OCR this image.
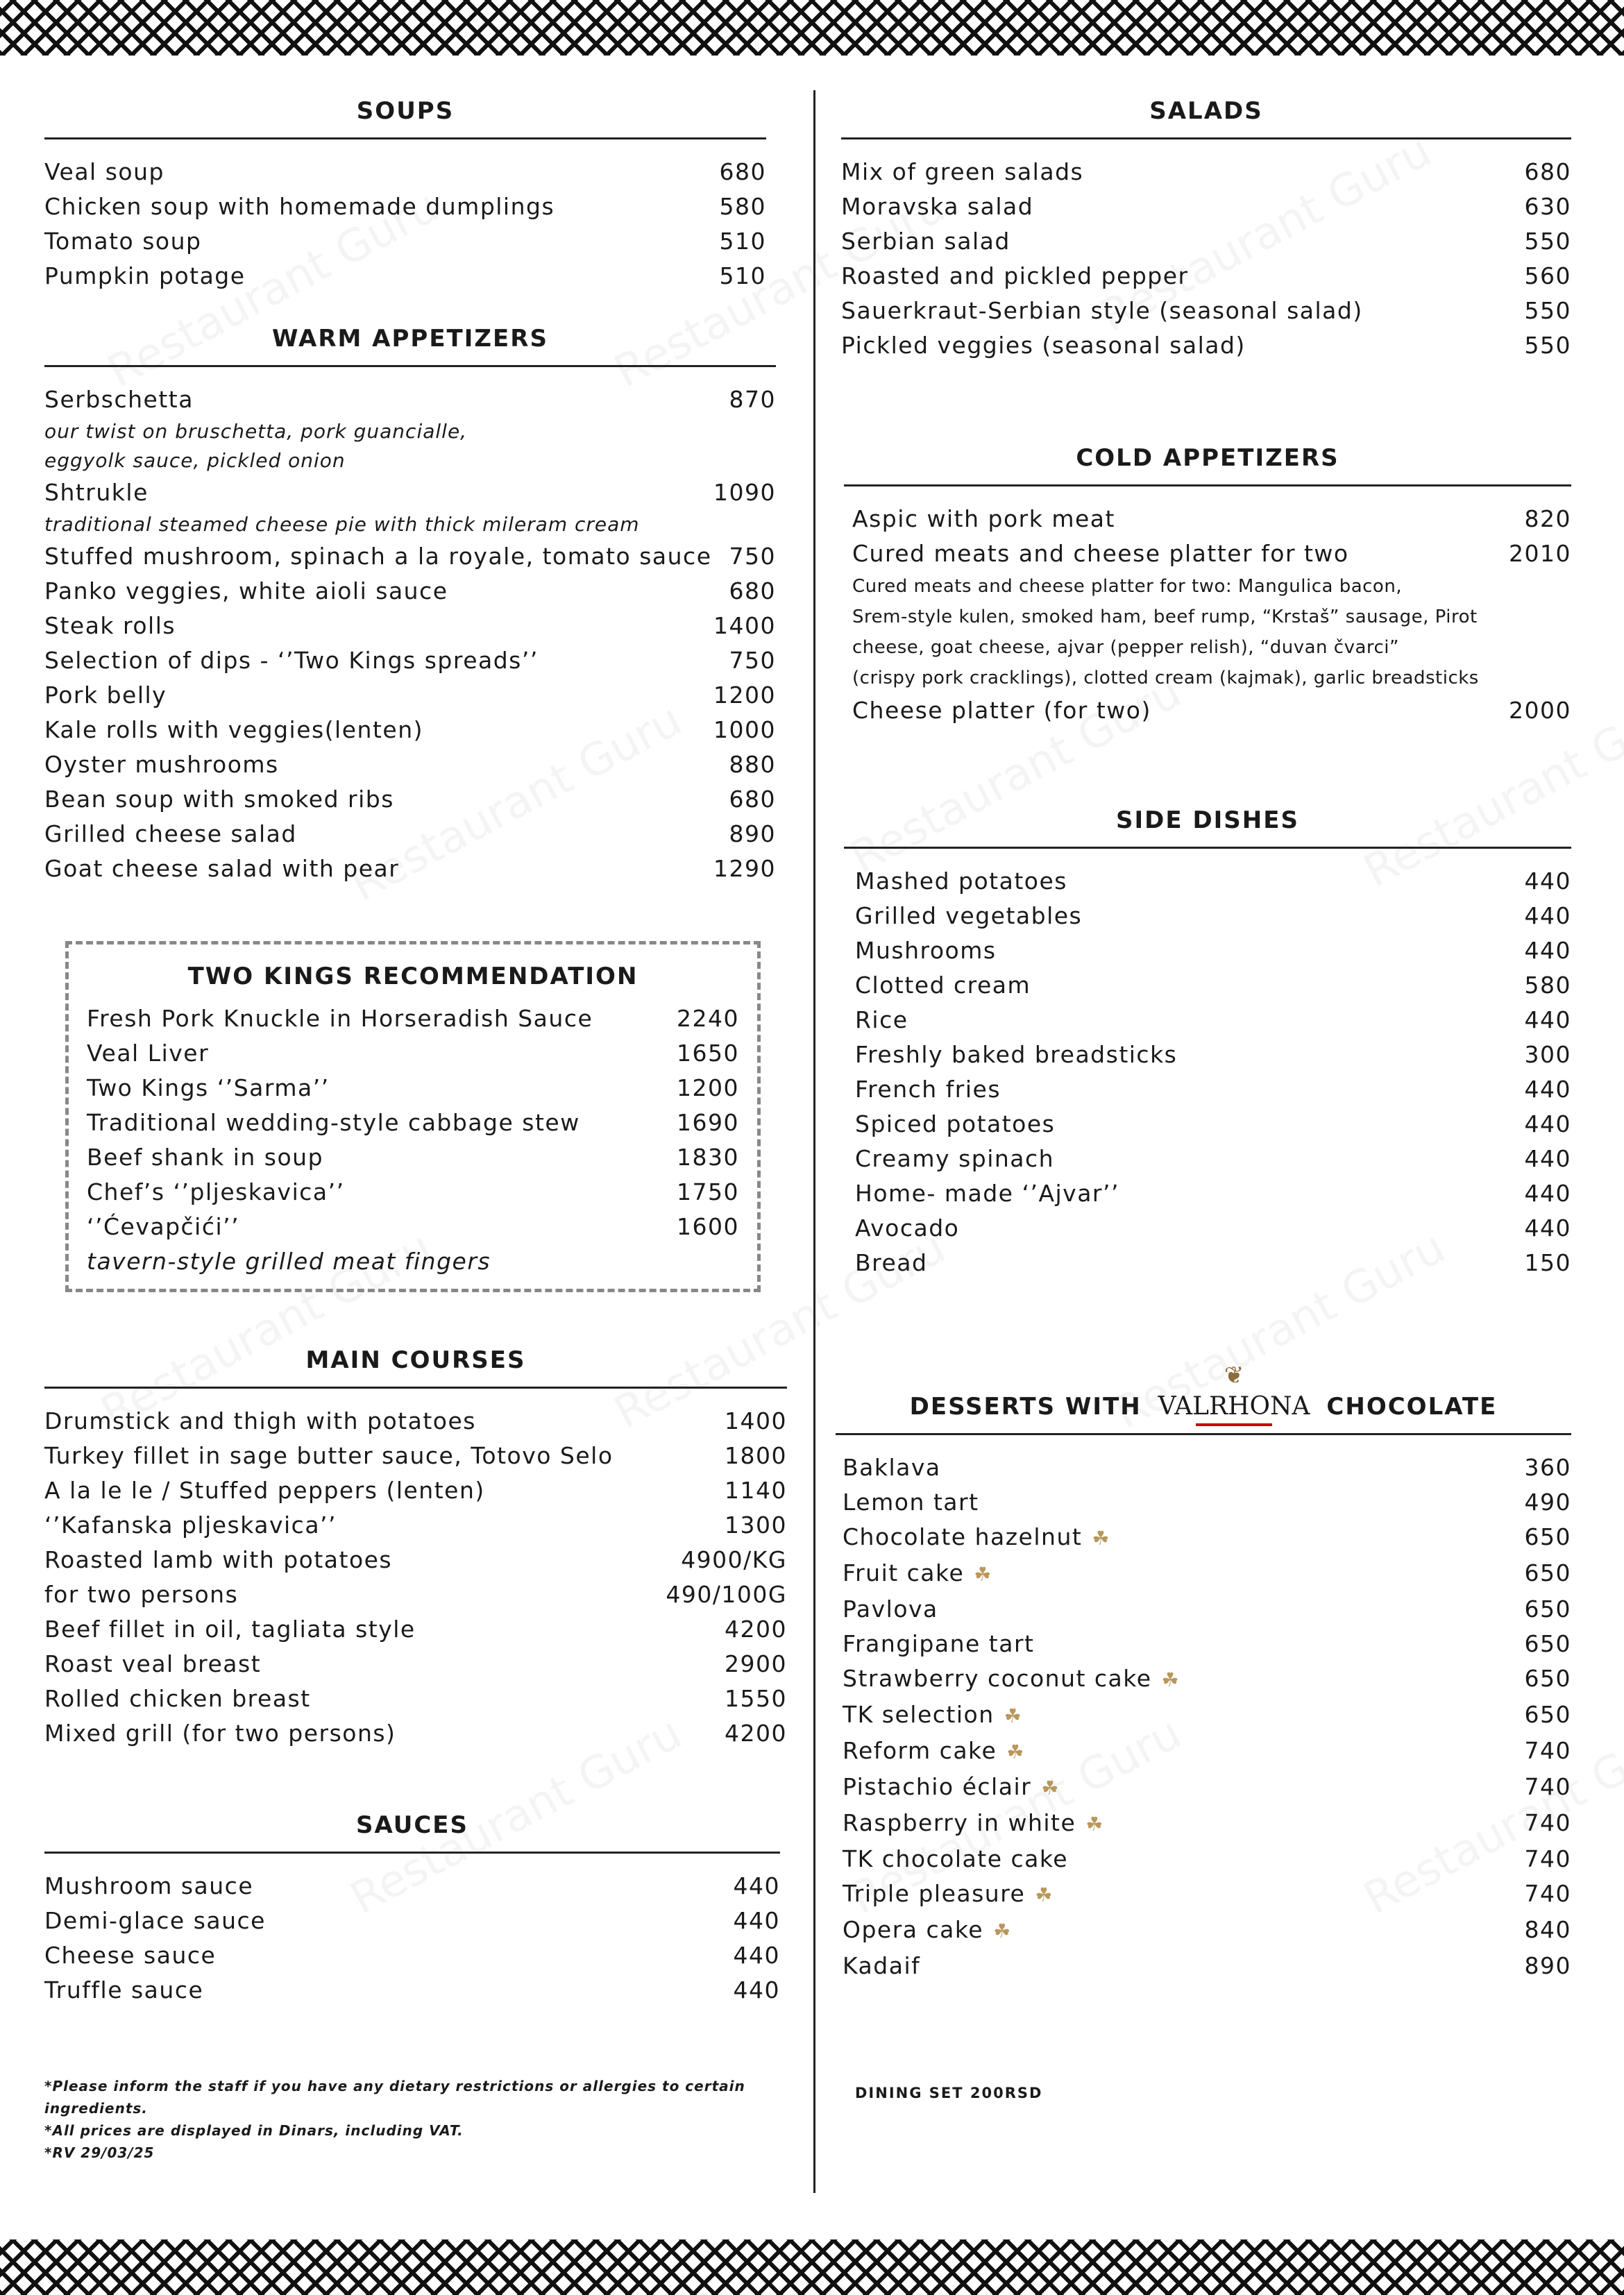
SOUPS
Veal soup	680
Chicken soup with homemade dumplings	580
Tomato soup	510
Pumpkin potage	510
WARM APPETIZERS
Serbschetta	870
our twist on bruschetta, pork guancialle,
eggyolk sauce, pickled onion
Shtrukle	1090
traditional steamed cheese pie with thick mileram cream
Stuffed mushroom, spinach a la royale, tomato sauce 750
Panko veggies, white aioli sauce	680
Steak rolls	1400
Selection of dips - ‘’Two Kings spreads’’	750
Pork belly	1200
Kale rolls with veggies(lenten)	1000
Oyster mushrooms	880
Bean soup with smoked ribs	680
Grilled cheese salad	890
Goat cheese salad with pear	1290
TWO KINGS RECOMMENDATION
Fresh Pork Knuckle in Horseradish Sauce	2240
Veal Liver	1650
Two Kings ‘’Sarma’’	1200
Traditional wedding-style cabbage stew	1690
Beef shank in soup	1830
Chef’s ‘’pljeskavica’’	1750
‘’Ćevapčići’’	1600
tavern-style grilled meat fingers
MAIN COURSES
Drumstick and thigh with potatoes	1400
Turkey fillet in sage butter sauce, Totovo Selo	1800
A la le le / Stuffed peppers (lenten)	1140
‘’Kafanska pljeskavica’’	1300
Roasted lamb with potatoes	4900/KG
for two persons	490/100G
Beef fillet in oil, tagliata style	4200
Roast veal breast	2900
Rolled chicken breast	1550
Mixed grill (for two persons)	4200
SAUCES
Mushroom sauce	440
Demi-glace sauce	440
Cheese sauce	440
Truffle sauce	440
*Please inform the staff if you have any dietary restrictions or allergies to certain
ingredients.
*All prices are displayed in Dinars, including VAT.
*RV 29/03/25
SALADS
Mix of green salads	680
Moravska salad	630
Serbian salad	550
Roasted and pickled pepper	560
Sauerkraut-Serbian style (seasonal salad)	550
Pickled veggies (seasonal salad)	550
COLD APPETIZERS
Aspic with pork meat	820
Cured meats and cheese platter for two	2010
Cured meats and cheese platter for two: Mangulica bacon,
Srem-style kulen, smoked ham, beef rump, “Krstaš” sausage, Pirot
cheese, goat cheese, ajvar (pepper relish), “duvan čvarci”
(crispy pork cracklings), clotted cream (kajmak), garlic breadsticks
Cheese platter (for two)	2000
SIDE DISHES
Mashed potatoes	440
Grilled vegetables	440
Mushrooms	440
Clotted cream	580
Rice	440
Freshly baked breadsticks	300
French fries	440
Spiced potatoes	440
Creamy spinach	440
Home- made ‘’Ajvar’’	440
Avocado	440
Bread	150
DESSERTS WITH
❦
VALRHONA CHOCOLATE
Baklava	360
Lemon tart	490
Chocolate hazelnut ☘	650
Fruit cake ☘	650
Pavlova	650
Frangipane tart	650
Strawberry coconut cake ☘	650
TK selection ☘	650
Reform cake ☘	740
Pistachio éclair ☘	740
Raspberry in white ☘	740
TK chocolate cake	740
Triple pleasure ☘	740
Opera cake ☘	840
Kadaif	890
DINING SET 200RSD
